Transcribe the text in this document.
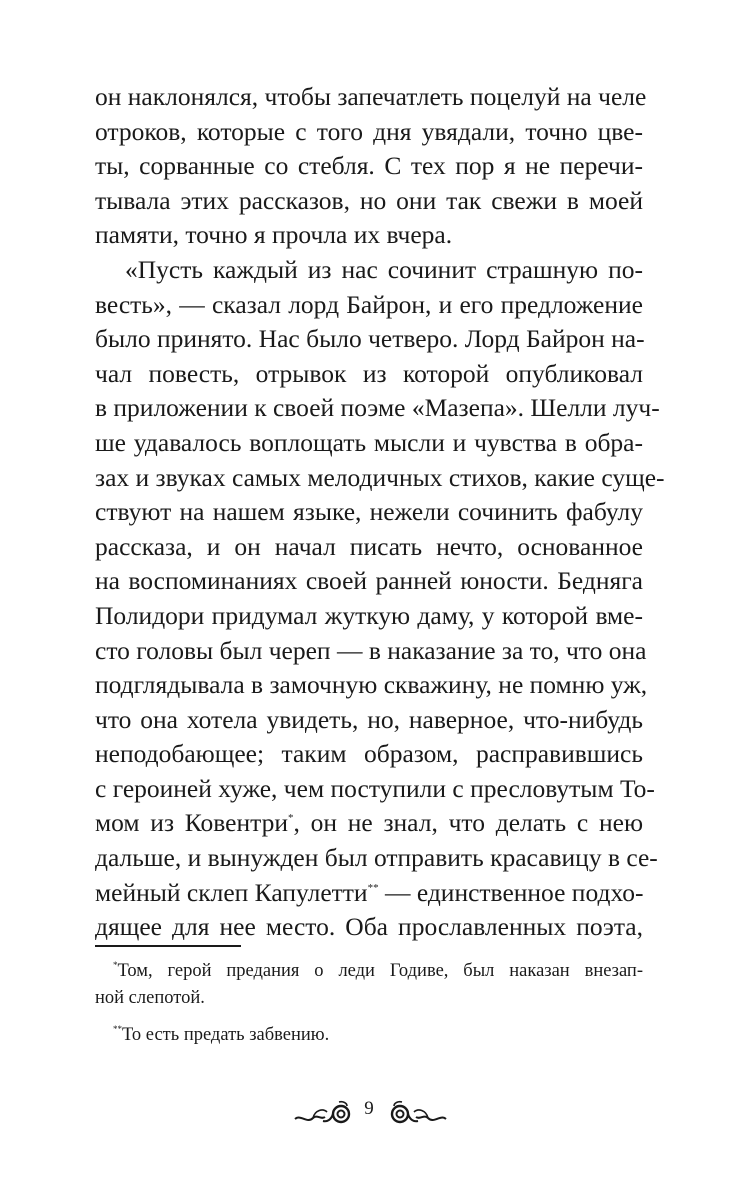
он наклонялся, чтобы запечатлеть поцелуй на челе
отроков, которые с того дня увядали, точно цве-
ты, сорванные со стебля. С тех пор я не перечи-
тывала этих рассказов, но они так свежи в моей
памяти, точно я прочла их вчера.
«Пусть каждый из нас сочинит страшную по-
весть», — сказал лорд Байрон, и его предложение
было принято. Нас было четверо. Лорд Байрон на-
чал повесть, отрывок из которой опубликовал
в приложении к своей поэме «Мазепа». Шелли луч-
ше удавалось воплощать мысли и чувства в обра-
зах и звуках самых мелодичных стихов, какие суще-
ствуют на нашем языке, нежели сочинить фабулу
рассказа, и он начал писать нечто, основанное
на воспоминаниях своей ранней юности. Бедняга
Полидори придумал жуткую даму, у которой вме-
сто головы был череп — в наказание за то, что она
подглядывала в замочную скважину, не помню уж,
что она хотела увидеть, но, наверное, что-нибудь
неподобающее; таким образом, расправившись
с героиней хуже, чем поступили с пресловутым То-
мом из Ковентри*, он не знал, что делать с нею
дальше, и вынужден был отправить красавицу в се-
мейный склеп Капулетти** — единственное подхо-
дящее для нее место. Оба прославленных поэта,
*Том, герой предания о леди Годиве, был наказан внезап-
ной слепотой.
**То есть предать забвению.
9
